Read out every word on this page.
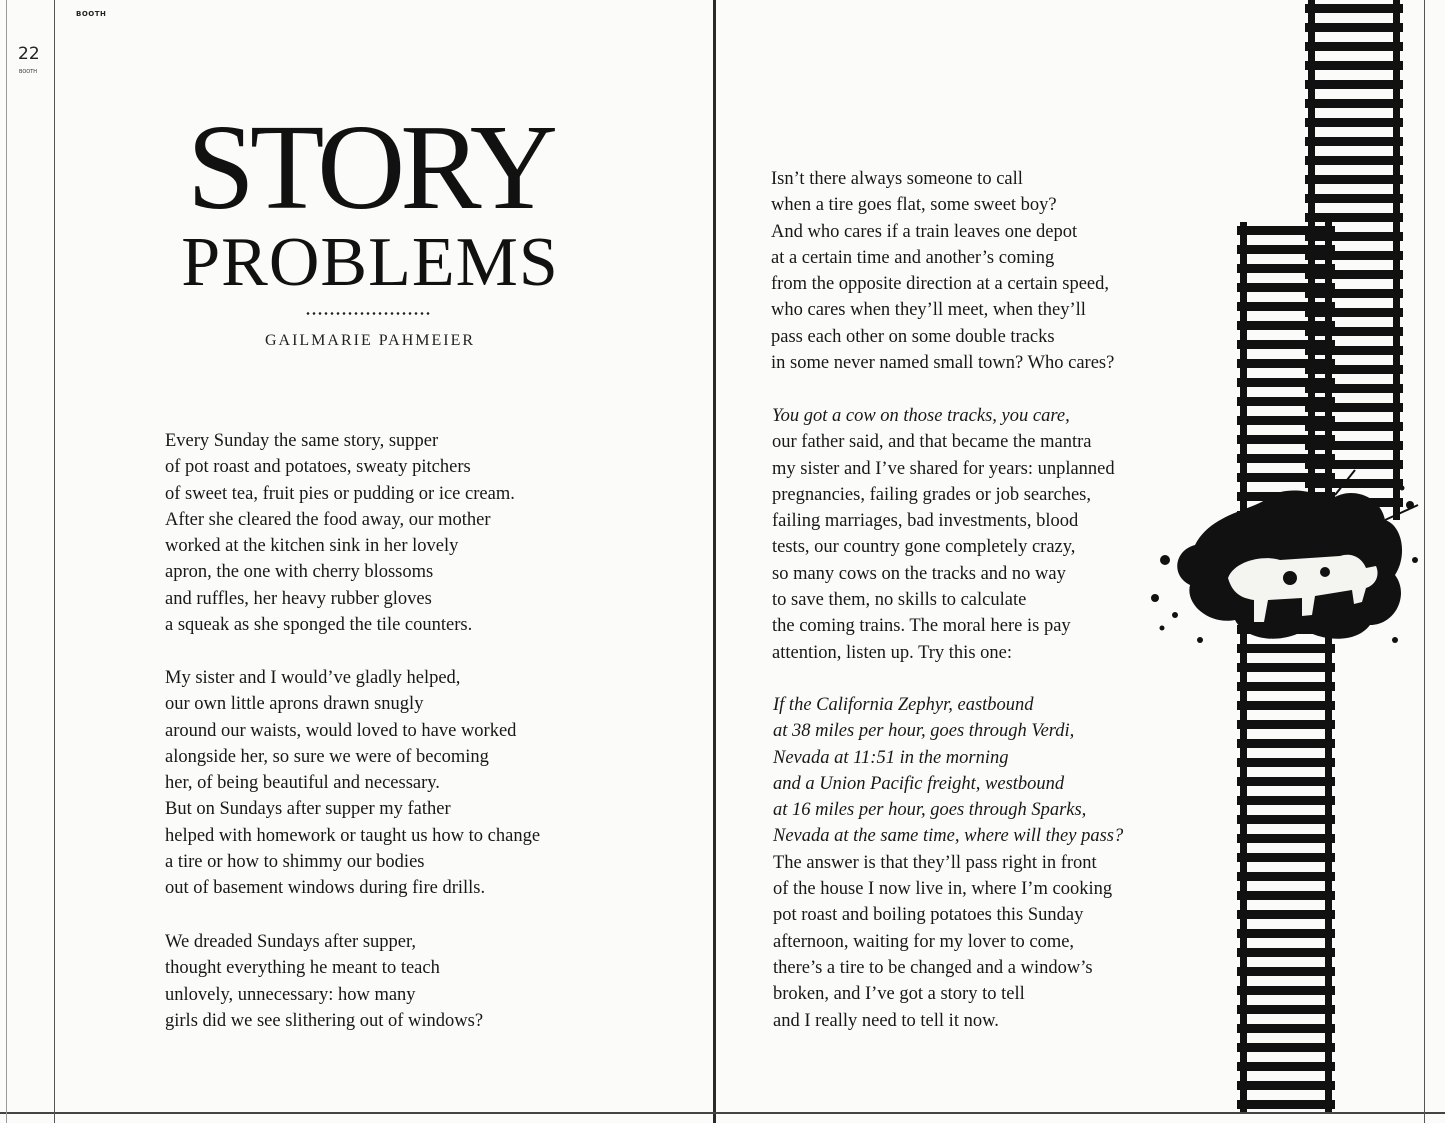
BOOTH
22
BOOTH
STORY
PROBLEMS
GAILMARIE PAHMEIER
Every Sunday the same story, supper
of pot roast and potatoes, sweaty pitchers
of sweet tea, fruit pies or pudding or ice cream.
After she cleared the food away, our mother
worked at the kitchen sink in her lovely
apron, the one with cherry blossoms
and ruffles, her heavy rubber gloves
a squeak as she sponged the tile counters.
My sister and I would’ve gladly helped,
our own little aprons drawn snugly
around our waists, would loved to have worked
alongside her, so sure we were of becoming
her, of being beautiful and necessary.
But on Sundays after supper my father
helped with homework or taught us how to change
a tire or how to shimmy our bodies
out of basement windows during fire drills.
We dreaded Sundays after supper,
thought everything he meant to teach
unlovely, unnecessary: how many
girls did we see slithering out of windows?
Isn’t there always someone to call
when a tire goes flat, some sweet boy?
And who cares if a train leaves one depot
at a certain time and another’s coming
from the opposite direction at a certain speed,
who cares when they’ll meet, when they’ll
pass each other on some double tracks
in some never named small town? Who cares?
You got a cow on those tracks, you care,
our father said, and that became the mantra
my sister and I’ve shared for years: unplanned
pregnancies, failing grades or job searches,
failing marriages, bad investments, blood
tests, our country gone completely crazy,
so many cows on the tracks and no way
to save them, no skills to calculate
the coming trains. The moral here is pay
attention, listen up. Try this one:
If the California Zephyr, eastbound
at 38 miles per hour, goes through Verdi,
Nevada at 11:51 in the morning
and a Union Pacific freight, westbound
at 16 miles per hour, goes through Sparks,
Nevada at the same time, where will they pass?
The answer is that they’ll pass right in front
of the house I now live in, where I’m cooking
pot roast and boiling potatoes this Sunday
afternoon, waiting for my lover to come,
there’s a tire to be changed and a window’s
broken, and I’ve got a story to tell
and I really need to tell it now.
